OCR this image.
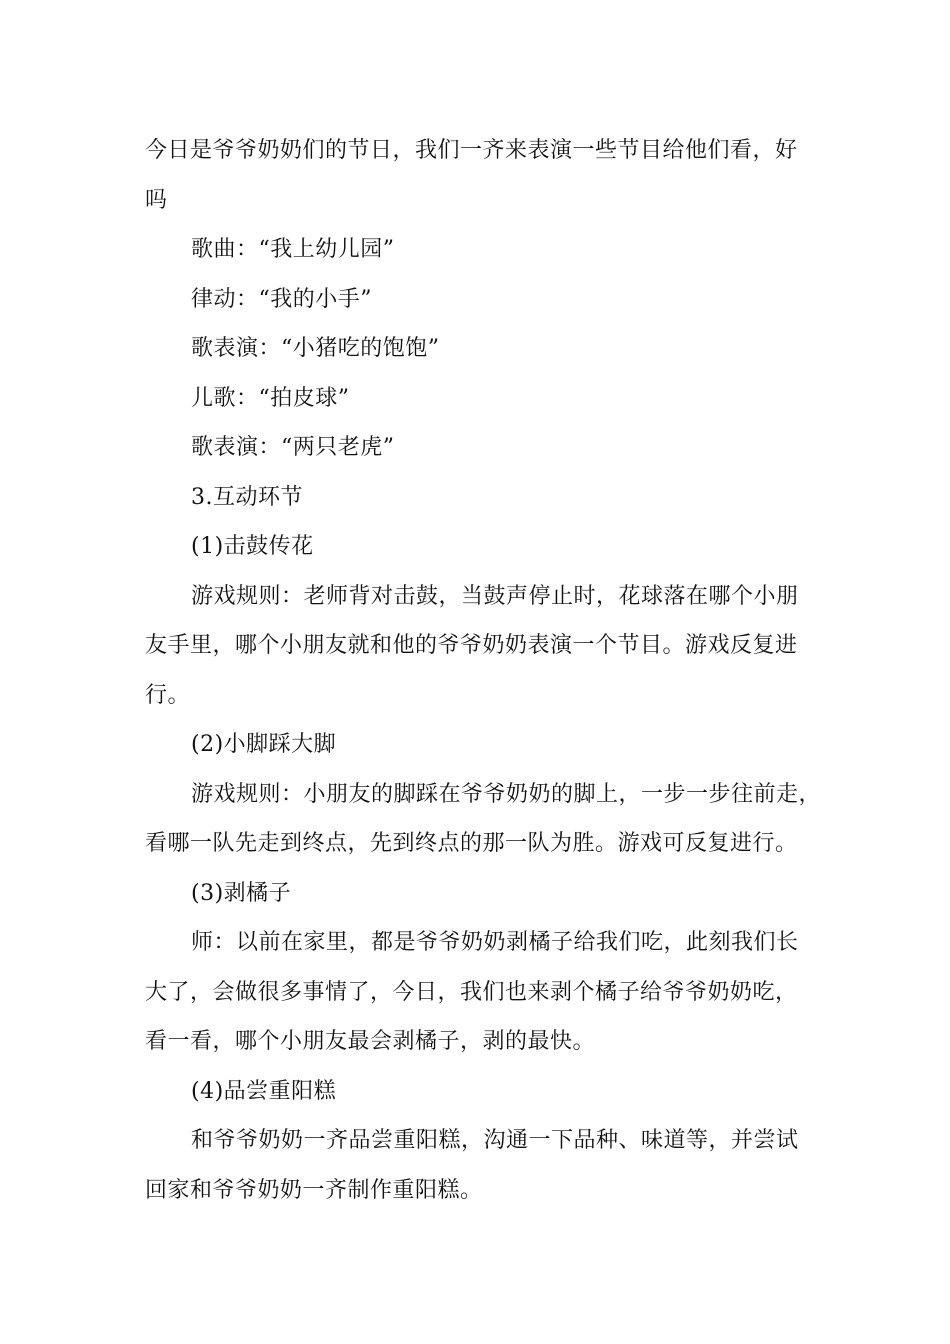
今日是爷爷奶奶们的节日，我们一齐来表演一些节目给他们看，好

吗

歌曲：“我上幼儿园”

律动：“我的小手”

歌表演：“小猪吃的饱饱”

儿歌：“拍皮球”

歌表演：“两只老虎”

3.互动环节

(1)击鼓传花

游戏规则：老师背对击鼓，当鼓声停止时，花球落在哪个小朋

友手里，哪个小朋友就和他的爷爷奶奶表演一个节目。游戏反复进

行。

(2)小脚踩大脚

游戏规则：小朋友的脚踩在爷爷奶奶的脚上，一步一步往前走，

看哪一队先走到终点，先到终点的那一队为胜。游戏可反复进行。

(3)剥橘子

师：以前在家里，都是爷爷奶奶剥橘子给我们吃，此刻我们长

大了，会做很多事情了，今日，我们也来剥个橘子给爷爷奶奶吃，

看一看，哪个小朋友最会剥橘子，剥的最快。

(4)品尝重阳糕

和爷爷奶奶一齐品尝重阳糕，沟通一下品种、味道等，并尝试

回家和爷爷奶奶一齐制作重阳糕。
